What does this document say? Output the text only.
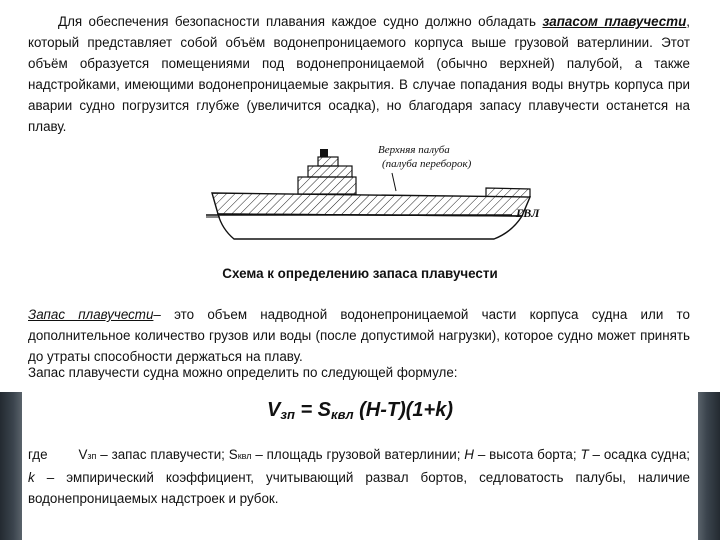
Для обеспечения безопасности плавания каждое судно должно обладать запасом плавучести, который представляет собой объём водонепроницаемого корпуса выше грузовой ватерлинии. Этот объём образуется помещениями под водонепроницаемой (обычно верхней) палубой, а также надстройками, имеющими водонепроницаемые закрытия. В случае попадания воды внутрь корпуса при аварии судно погрузится глубже (увеличится осадка), но благодаря запасу плавучести останется на плаву.

Верхняя палуба
(палуба переборок)
ГВЛ
Схема к определению запаса плавучести

Запас плавучести– это объем надводной водонепроницаемой части корпуса судна или то дополнительное количество грузов или воды (после допустимой нагрузки), которое судно может принять до утраты способности держаться на плаву.

Запас плавучести судна можно определить по следующей формуле:

$V_{зп} = S_{квл}$ (H-T)(1+k)

где Vзп – запас плавучести; Sквл – площадь грузовой ватерлинии; H – высота борта; T – осадка судна; k – эмпирический коэффициент, учитывающий развал бортов, седловатость палубы, наличие водонепроницаемых надстроек и рубок.
